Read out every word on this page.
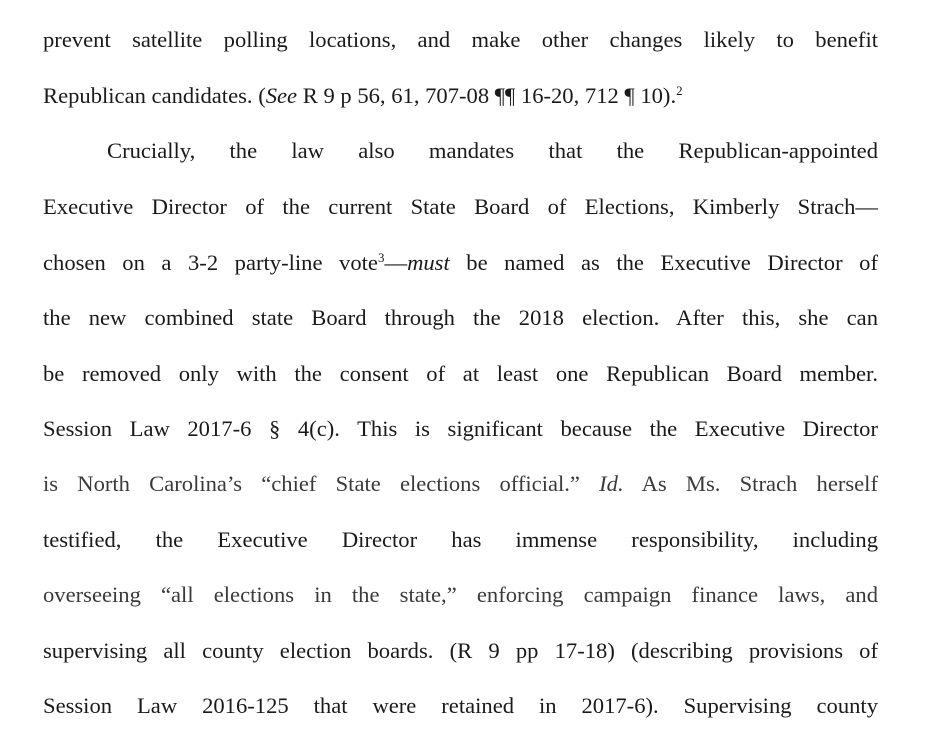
prevent satellite polling locations, and make other changes likely to benefit
Republican candidates. (See R 9 p 56, 61, 707-08 ¶¶ 16-20, 712 ¶ 10).$^2$
Crucially, the law also mandates that the Republican-appointed
Executive Director of the current State Board of Elections, Kimberly Strach—
chosen on a 3-2 party-line vote$^3$—must be named as the Executive Director of
the new combined state Board through the 2018 election. After this, she can
be removed only with the consent of at least one Republican Board member.
Session Law 2017-6 § 4(c). This is significant because the Executive Director
is North Carolina’s “chief State elections official.” Id. As Ms. Strach herself
testified, the Executive Director has immense responsibility, including
overseeing “all elections in the state,” enforcing campaign finance laws, and
supervising all county election boards. (R 9 pp 17-18) (describing provisions of
Session Law 2016-125 that were retained in 2017-6). Supervising county
